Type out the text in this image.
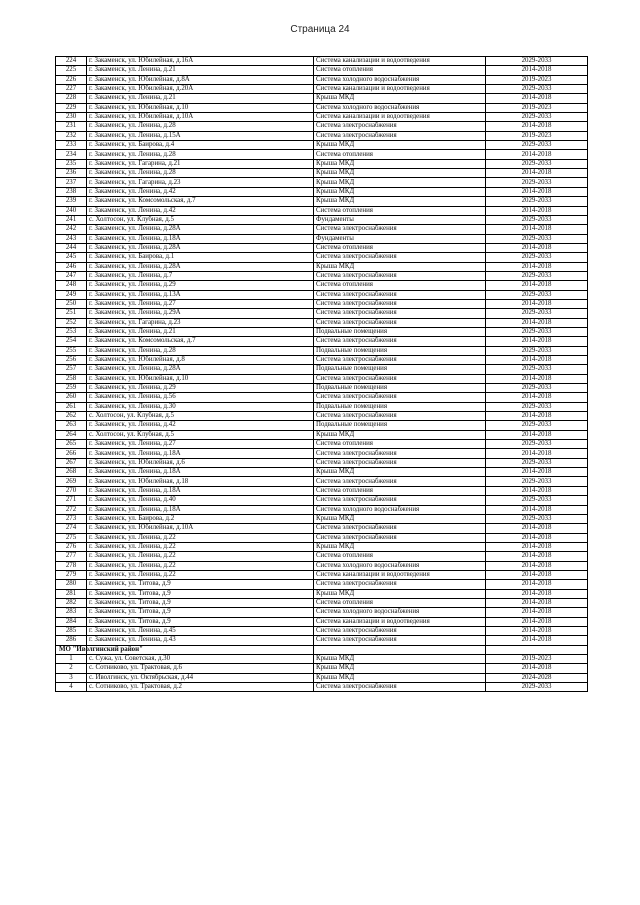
Страница 24
224	г. Закаменск, ул. Юбилейная, д.16А	Система канализации и водоотведения	2029-2033
225	г. Закаменск, ул. Ленина, д.21	Система отопления	2014-2018
226	г. Закаменск, ул. Юбилейная, д.8А	Система холодного водоснабжения	2019-2023
227	г. Закаменск, ул. Юбилейная, д.20А	Система канализации и водоотведения	2029-2033
228	г. Закаменск, ул. Ленина, д.21	Крыша МКД	2014-2018
229	г. Закаменск, ул. Юбилейная, д.10	Система холодного водоснабжения	2019-2023
230	г. Закаменск, ул. Юбилейная, д.10А	Система канализации и водоотведения	2029-2033
231	г. Закаменск, ул. Ленина, д.28	Система электроснабжения	2014-2018
232	г. Закаменск, ул. Ленина, д.15А	Система электроснабжения	2019-2023
233	г. Закаменск, ул. Баирова, д.4	Крыша МКД	2029-2033
234	г. Закаменск, ул. Ленина, д.28	Система отопления	2014-2018
235	г. Закаменск, ул. Гагарина, д.21	Крыша МКД	2029-2033
236	г. Закаменск, ул. Ленина, д.28	Крыша МКД	2014-2018
237	г. Закаменск, ул. Гагарина, д.23	Крыша МКД	2029-2033
238	г. Закаменск, ул. Ленина, д.42	Крыша МКД	2014-2018
239	г. Закаменск, ул. Комсомольская, д.7	Крыша МКД	2029-2033
240	г. Закаменск, ул. Ленина, д.42	Система отопления	2014-2018
241	с. Холтосон, ул. Клубная, д.5	Фундаменты	2029-2033
242	г. Закаменск, ул. Ленина, д.28А	Система электроснабжения	2014-2018
243	г. Закаменск, ул. Ленина, д.18А	Фундаменты	2029-2033
244	г. Закаменск, ул. Ленина, д.28А	Система отопления	2014-2018
245	г. Закаменск, ул. Баирова, д.1	Система электроснабжения	2029-2033
246	г. Закаменск, ул. Ленина, д.28А	Крыша МКД	2014-2018
247	г. Закаменск, ул. Ленина, д.7	Система электроснабжения	2029-2033
248	г. Закаменск, ул. Ленина, д.29	Система отопления	2014-2018
249	г. Закаменск, ул. Ленина, д.13А	Система электроснабжения	2029-2033
250	г. Закаменск, ул. Ленина, д.27	Система электроснабжения	2014-2018
251	г. Закаменск, ул. Ленина, д.29А	Система электроснабжения	2029-2033
252	г. Закаменск, ул. Гагарина, д.23	Система электроснабжения	2014-2018
253	г. Закаменск, ул. Ленина, д.21	Подвальные помещения	2029-2033
254	г. Закаменск, ул. Комсомольская, д.7	Система электроснабжения	2014-2018
255	г. Закаменск, ул. Ленина, д.28	Подвальные помещения	2029-2033
256	г. Закаменск, ул. Юбилейная, д.8	Система электроснабжения	2014-2018
257	г. Закаменск, ул. Ленина, д.28А	Подвальные помещения	2029-2033
258	г. Закаменск, ул. Юбилейная, д.10	Система электроснабжения	2014-2018
259	г. Закаменск, ул. Ленина, д.29	Подвальные помещения	2029-2033
260	г. Закаменск, ул. Ленина, д.56	Система электроснабжения	2014-2018
261	г. Закаменск, ул. Ленина, д.30	Подвальные помещения	2029-2033
262	с. Холтосон, ул. Клубная, д.5	Система электроснабжения	2014-2018
263	г. Закаменск, ул. Ленина, д.42	Подвальные помещения	2029-2033
264	с. Холтосон, ул. Клубная, д.5	Крыша МКД	2014-2018
265	г. Закаменск, ул. Ленина, д.27	Система отопления	2029-2033
266	г. Закаменск, ул. Ленина, д.18А	Система электроснабжения	2014-2018
267	г. Закаменск, ул. Юбилейная, д.6	Система электроснабжения	2029-2033
268	г. Закаменск, ул. Ленина, д.18А	Крыша МКД	2014-2018
269	г. Закаменск, ул. Юбилейная, д.18	Система электроснабжения	2029-2033
270	г. Закаменск, ул. Ленина, д.18А	Система отопления	2014-2018
271	г. Закаменск, ул. Ленина, д.40	Система электроснабжения	2029-2033
272	г. Закаменск, ул. Ленина, д.18А	Система холодного водоснабжения	2014-2018
273	г. Закаменск, ул. Баирова, д.2	Крыша МКД	2029-2033
274	г. Закаменск, ул. Юбилейная, д.10А	Система электроснабжения	2014-2018
275	г. Закаменск, ул. Ленина, д.22	Система электроснабжения	2014-2018
276	г. Закаменск, ул. Ленина, д.22	Крыша МКД	2014-2018
277	г. Закаменск, ул. Ленина, д.22	Система отопления	2014-2018
278	г. Закаменск, ул. Ленина, д.22	Система холодного водоснабжения	2014-2018
279	г. Закаменск, ул. Ленина, д.22	Система канализации и водоотведения	2014-2018
280	г. Закаменск, ул. Титова, д.9	Система электроснабжения	2014-2018
281	г. Закаменск, ул. Титова, д.9	Крыша МКД	2014-2018
282	г. Закаменск, ул. Титова, д.9	Система отопления	2014-2018
283	г. Закаменск, ул. Титова, д.9	Система холодного водоснабжения	2014-2018
284	г. Закаменск, ул. Титова, д.9	Система канализации и водоотведения	2014-2018
285	г. Закаменск, ул. Ленина, д.45	Система электроснабжения	2014-2018
286	г. Закаменск, ул. Ленина, д.43	Система электроснабжения	2014-2018
МО "Иволгинский район"			
1	с. Сужа, ул. Советская, д.30	Крыша МКД	2019-2023
2	с. Сотниково, ул. Трактовая, д.6	Крыша МКД	2014-2018
3	с. Иволгинск, ул. Октябрьская, д.44	Крыша МКД	2024-2028
4	с. Сотниково, ул. Трактовая, д.2	Система электроснабжения	2029-2033
